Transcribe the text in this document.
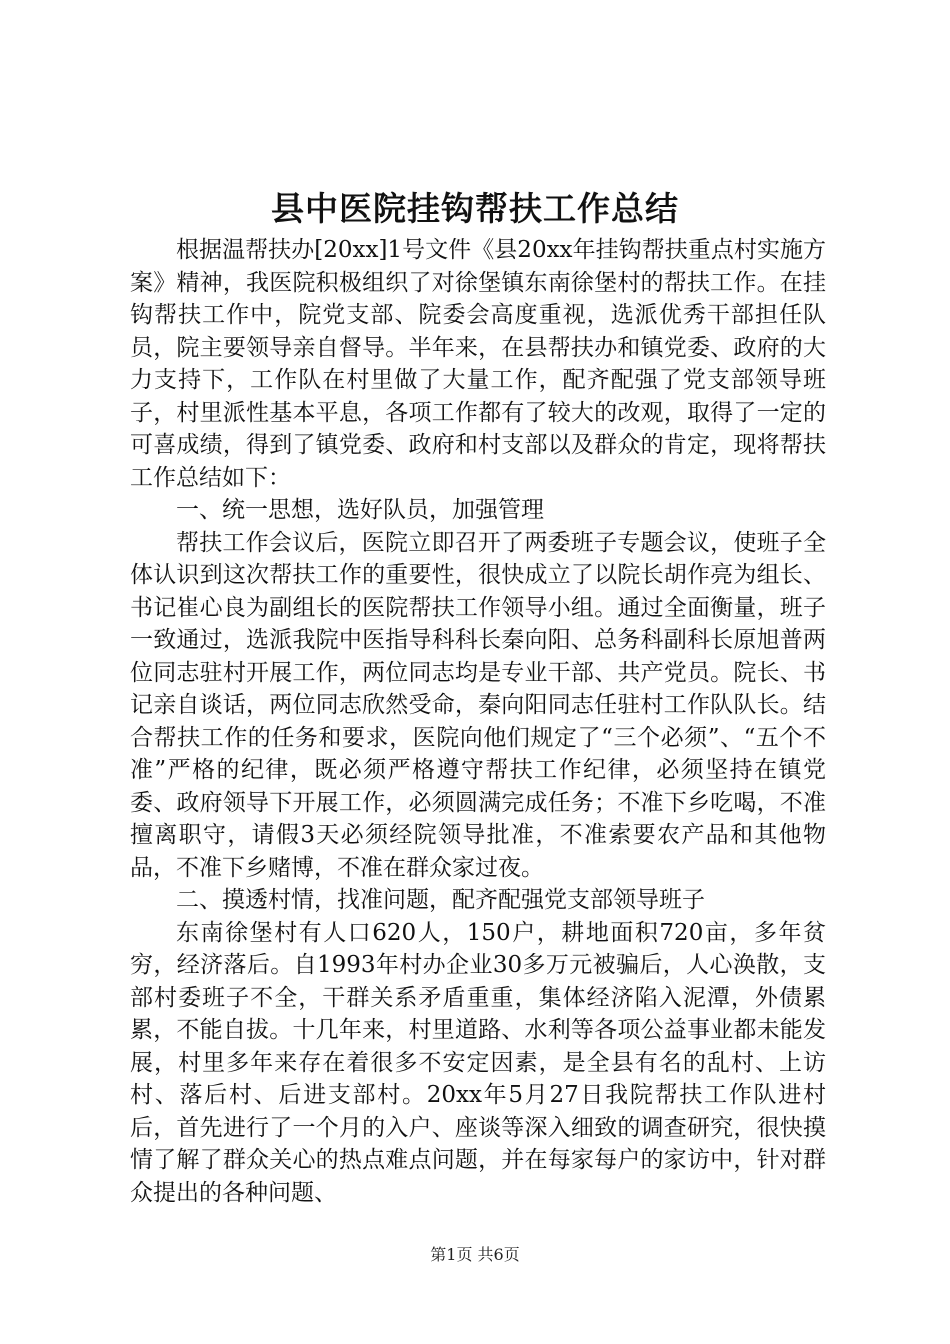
县中医院挂钩帮扶工作总结

根据温帮扶办[20xx]1号文件《县20xx年挂钩帮扶重点村实施方案》精神，我医院积极组织了对徐堡镇东南徐堡村的帮扶工作。在挂钩帮扶工作中，院党支部、院委会高度重视，选派优秀干部担任队员，院主要领导亲自督导。半年来，在县帮扶办和镇党委、政府的大力支持下，工作队在村里做了大量工作，配齐配强了党支部领导班子，村里派性基本平息，各项工作都有了较大的改观，取得了一定的可喜成绩，得到了镇党委、政府和村支部以及群众的肯定，现将帮扶工作总结如下：

一、统一思想，选好队员，加强管理

帮扶工作会议后，医院立即召开了两委班子专题会议，使班子全体认识到这次帮扶工作的重要性，很快成立了以院长胡作亮为组长、书记崔心良为副组长的医院帮扶工作领导小组。通过全面衡量，班子一致通过，选派我院中医指导科科长秦向阳、总务科副科长原旭普两位同志驻村开展工作，两位同志均是专业干部、共产党员。院长、书记亲自谈话，两位同志欣然受命，秦向阳同志任驻村工作队队长。结合帮扶工作的任务和要求，医院向他们规定了“三个必须”、“五个不准”严格的纪律，既必须严格遵守帮扶工作纪律，必须坚持在镇党委、政府领导下开展工作，必须圆满完成任务；不准下乡吃喝，不准擅离职守，请假3天必须经院领导批准，不准索要农产品和其他物品，不准下乡赌博，不准在群众家过夜。

二、摸透村情，找准问题，配齐配强党支部领导班子

东南徐堡村有人口620人，150户，耕地面积720亩，多年贫穷，经济落后。自1993年村办企业30多万元被骗后，人心涣散，支部村委班子不全，干群关系矛盾重重，集体经济陷入泥潭，外债累累，不能自拔。十几年来，村里道路、水利等各项公益事业都未能发展，村里多年来存在着很多不安定因素，是全县有名的乱村、上访村、落后村、后进支部村。20xx年5月27日我院帮扶工作队进村后，首先进行了一个月的入户、座谈等深入细致的调查研究，很快摸情了解了群众关心的热点难点问题，并在每家每户的家访中，针对群众提出的各种问题、

第1页 共6页
